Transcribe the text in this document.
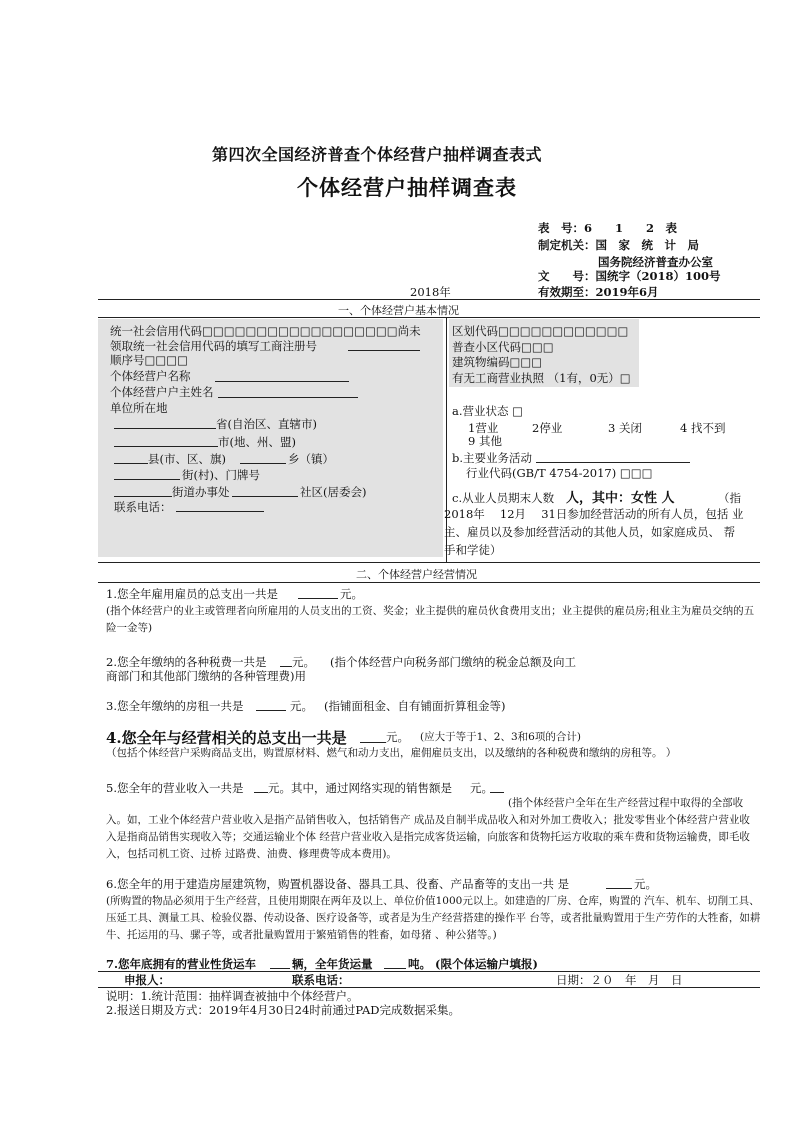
第四次全国经济普查个体经营户抽样调查表式
个体经营户抽样调查表
表　号：6　　1　　2　表
制定机关：国　家　统　计　局
国务院经济普查办公室
文　　号：国统字（2018）100号
2018年	有效期至：2019年6月
一、个体经营户基本情况
统一社会信用代码□□□□□□□□□□□□□□□□□□尚未
领取统一社会信用代码的填写工商注册号
顺序号□□□□
个体经营户名称
个体经营户户主姓名
单位所在地
省(自治区、直辖市)
市(地、州、盟)
县(市、区、旗)	乡（镇）
街(村)、门牌号
街道办事处	社区(居委会)
联系电话：
区划代码□□□□□□□□□□□□
普查小区代码□□□
建筑物编码□□□
有无工商营业执照 （1有，0无）□
a.营业状态 □
1营业	2停业	3 关闭	4 找不到
9 其他
b.主要业务活动
行业代码(GB/T 4754-2017) □□□
c.从业人员期末人数 人，其中：女性 人	（指
2018年　 12月　 31日参加经营活动的所有人员，包括 业
主、雇员以及参加经营活动的其他人员，如家庭成员、 帮
手和学徒）
二、个体经营户经营情况
1.您全年雇用雇员的总支出一共是	元。
(指个体经营户的业主或管理者向所雇用的人员支出的工资、奖金；业主提供的雇员伙食费用支出；业主提供的雇员房;租业主为雇员交纳的五险一金等)
2.您全年缴纳的各种税费一共是 元。 (指个体经营户向税务部门缴纳的税金总额及向工
商部门和其他部门缴纳的各种管理费)用
3.您全年缴纳的房租一共是	元。 (指铺面租金、自有铺面折算租金等)
4.您全年与经营相关的总支出一共是	元。 (应大于等于1、2、3和6项的合计)
（包括个体经营户采购商品支出，购置原材料、燃气和动力支出，雇佣雇员支出，以及缴纳的各种税费和缴纳的房租等。 ）
5.您全年的营业收入一共是 元。其中，通过网络实现的销售额是 元。
(指个体经营户全年在生产经营过程中取得的全部收入。如，工业个体经营户营业收入是指产品销售收入，包括销售产 成品及自制半成品收入和对外加工费收入；批发零售业个体经营户营业收入是指商品销售实现收入等；交通运输业个体 经营户营业收入是指完成客货运输，向旅客和货物托运方收取的乘车费和货物运输费，即毛收入，包括司机工资、过桥 过路费、油费、修理费等成本费用)。
6.您全年的用于建造房屋建筑物，购置机器设备、器具工具、役畜、产品畜等的支出一共 是	元。
(所购置的物品必须用于生产经营，且使用期限在两年及以上、单位价值1000元以上。如建造的厂房、仓库，购置的 汽车、机车、切削工具、压延工具、测量工具、检验仪器、传动设备、医疗设备等，或者是为生产经营搭建的操作平 台等，或者批量购置用于生产劳作的大牲畜，如耕牛、托运用的马、骡子等，或者批量购置用于繁殖销售的牲畜，如母猪 、种公猪等。)
7.您年底拥有的营业性货运车	辆，全年货运量	吨。 (限个体运输户填报)
申报人：	联系电话：	日期：２０　年　月　日
说明：1.统计范围：抽样调查被抽中个体经营户。
2.报送日期及方式：2019年4月30日24时前通过PAD完成数据采集。
